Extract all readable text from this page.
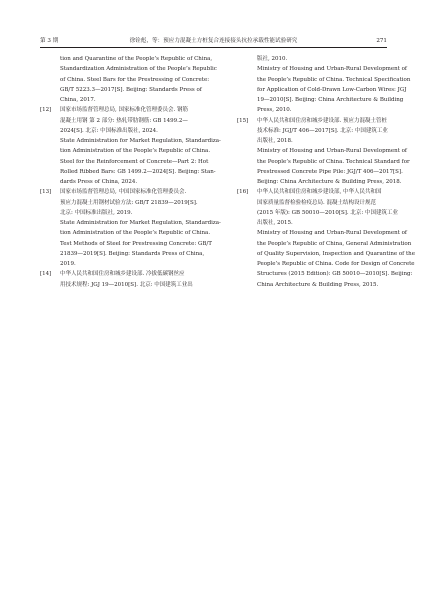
第 3 期	徐铨彪，等：预应力混凝土方桩复合连接接头抗拉承载性能试验研究	271
tion and Quarantine of the People’s Republic of China,
Standardization Administration of the People’s Republic
of China. Steel Bars for the Prestressing of Concrete:
GB/T 5223.3—2017[S]. Beijing: Standards Press of
China, 2017.
[12] 国家市场监督管理总局, 国家标准化管理委员会. 钢筋
混凝土用钢 第 2 部分: 热轧带肋钢筋: GB 1499.2—
2024[S]. 北京: 中国标准出版社, 2024.
State Administration for Market Regulation, Standardiza-
tion Administration of the People’s Republic of China.
Steel for the Reinforcement of Concrete—Part 2: Hot
Rolled Ribbed Bars: GB 1499.2—2024[S]. Beijing: Stan-
dards Press of China, 2024.
[13] 国家市场监督管理总局, 中国国家标准化管理委员会.
预应力混凝土用钢材试验方法: GB/T 21839—2019[S].
北京: 中国标准出版社, 2019.
State Administration for Market Regulation, Standardiza-
tion Administration of the People’s Republic of China.
Test Methods of Steel for Prestressing Concrete: GB/T
21839—2019[S]. Beijing: Standards Press of China,
2019.
[14] 中华人民共和国住房和城乡建设部. 冷拔低碳钢丝应
用技术规程: JGJ 19—2010[S]. 北京: 中国建筑工业出
版社, 2010.
Ministry of Housing and Urban-Rural Development of
the People’s Republic of China. Technical Specification
for Application of Cold-Drawn Low-Carbon Wires: JGJ
19—2010[S]. Beijing: China Architecture & Building
Press, 2010.
[15] 中华人民共和国住房和城乡建设部. 预应力混凝土管桩
技术标准: JGJ/T 406—2017[S]. 北京: 中国建筑工业
出版社, 2018.
Ministry of Housing and Urban-Rural Development of
the People’s Republic of China. Technical Standard for
Prestressed Concrete Pipe Pile: JGJ/T 406—2017[S].
Beijing: China Architecture & Building Press, 2018.
[16] 中华人民共和国住房和城乡建设部, 中华人民共和国
国家质量监督检验检疫总局. 混凝土结构设计规范
(2015 年版): GB 50010—2010[S]. 北京: 中国建筑工业
出版社, 2015.
Ministry of Housing and Urban-Rural Development of
the People’s Republic of China, General Administration
of Quality Supervision, Inspection and Quarantine of the
People’s Republic of China. Code for Design of Concrete
Structures (2015 Edition): GB 50010—2010[S]. Beijing:
China Architecture & Building Press, 2015.
